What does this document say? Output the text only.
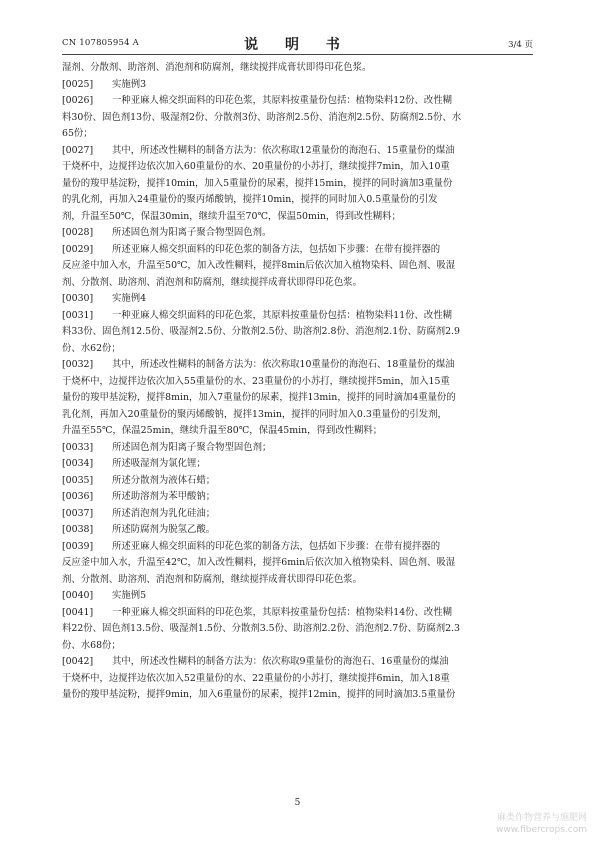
CN 107805954 A	说 明 书	3/4 页
湿剂、分散剂、助溶剂、消泡剂和防腐剂，继续搅拌成膏状即得印花色浆。
[0025] 实施例3
[0026] 一种亚麻人棉交织面料的印花色浆，其原料按重量份包括：植物染料12份、改性糊
料30份、固色剂13份、吸湿剂2份、分散剂3份、助溶剂2.5份、消泡剂2.5份、防腐剂2.5份、水
65份；
[0027] 其中，所述改性糊料的制备方法为：依次称取12重量份的海泡石、15重量份的煤油
于烧杯中，边搅拌边依次加入60重量份的水、20重量份的小苏打，继续搅拌7min，加入10重
量份的羧甲基淀粉，搅拌10min，加入5重量份的尿素，搅拌15min，搅拌的同时滴加3重量份
的乳化剂，再加入24重量份的聚丙烯酸钠，搅拌10min，搅拌的同时加入0.5重量份的引发
剂，升温至50℃，保温30min，继续升温至70℃，保温50min，得到改性糊料；
[0028] 所述固色剂为阳离子聚合物型固色剂。
[0029] 所述亚麻人棉交织面料的印花色浆的制备方法，包括如下步骤：在带有搅拌器的
反应釜中加入水，升温至50℃，加入改性糊料，搅拌8min后依次加入植物染料、固色剂、吸湿
剂、分散剂、助溶剂、消泡剂和防腐剂，继续搅拌成膏状即得印花色浆。
[0030] 实施例4
[0031] 一种亚麻人棉交织面料的印花色浆，其原料按重量份包括：植物染料11份、改性糊
料33份、固色剂12.5份、吸湿剂2.5份、分散剂2.5份、助溶剂2.8份、消泡剂2.1份、防腐剂2.9
份、水62份；
[0032] 其中，所述改性糊料的制备方法为：依次称取10重量份的海泡石、18重量份的煤油
于烧杯中，边搅拌边依次加入55重量份的水、23重量份的小苏打，继续搅拌5min，加入15重
量份的羧甲基淀粉，搅拌8min，加入7重量份的尿素，搅拌13min，搅拌的同时滴加4重量份的
乳化剂，再加入20重量份的聚丙烯酸钠，搅拌13min，搅拌的同时加入0.3重量份的引发剂，
升温至55℃，保温25min，继续升温至80℃，保温45min，得到改性糊料；
[0033] 所述固色剂为阳离子聚合物型固色剂；
[0034] 所述吸湿剂为氯化锂；
[0035] 所述分散剂为液体石蜡；
[0036] 所述助溶剂为苯甲酸钠；
[0037] 所述消泡剂为乳化硅油；
[0038] 所述防腐剂为脱氢乙酸。
[0039] 所述亚麻人棉交织面料的印花色浆的制备方法，包括如下步骤：在带有搅拌器的
反应釜中加入水，升温至42℃，加入改性糊料，搅拌6min后依次加入植物染料、固色剂、吸湿
剂、分散剂、助溶剂、消泡剂和防腐剂，继续搅拌成膏状即得印花色浆。
[0040] 实施例5
[0041] 一种亚麻人棉交织面料的印花色浆，其原料按重量份包括：植物染料14份、改性糊
料22份、固色剂13.5份、吸湿剂1.5份、分散剂3.5份、助溶剂2.2份、消泡剂2.7份、防腐剂2.3
份、水68份；
[0042] 其中，所述改性糊料的制备方法为：依次称取9重量份的海泡石、16重量份的煤油
于烧杯中，边搅拌边依次加入52重量份的水、22重量份的小苏打，继续搅拌6min，加入18重
量份的羧甲基淀粉，搅拌9min，加入6重量份的尿素，搅拌12min，搅拌的同时滴加3.5重量份
5
麻类作物营养与施肥网
www.fibercrops.com
